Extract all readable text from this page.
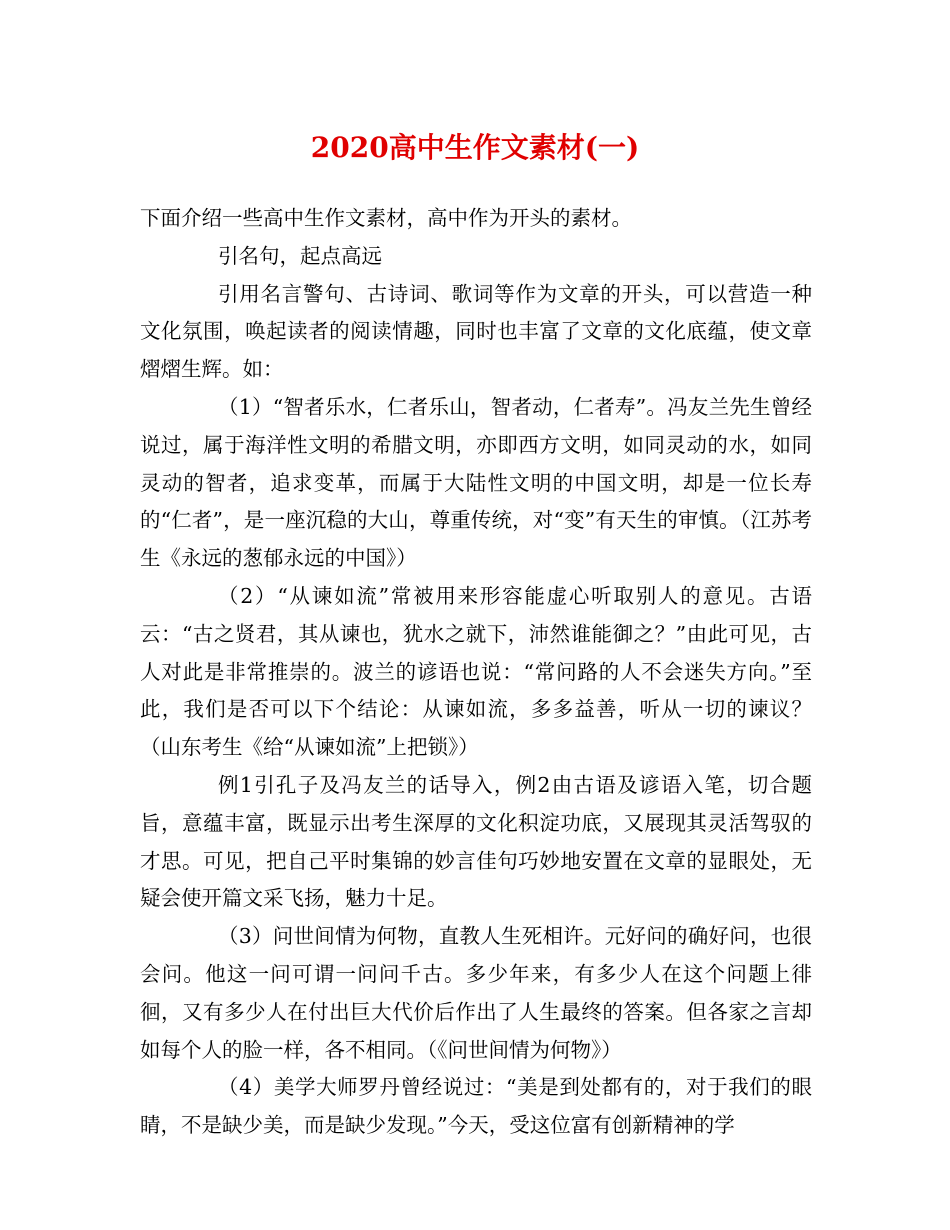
2020高中生作文素材(一)

下面介绍一些高中生作文素材，高中作为开头的素材。

引名句，起点高远

引用名言警句、古诗词、歌词等作为文章的开头，可以营造一种文化氛围，唤起读者的阅读情趣，同时也丰富了文章的文化底蕴，使文章熠熠生辉。如：

（1）“智者乐水，仁者乐山，智者动，仁者寿”。冯友兰先生曾经说过，属于海洋性文明的希腊文明，亦即西方文明，如同灵动的水，如同灵动的智者，追求变革，而属于大陆性文明的中国文明，却是一位长寿的“仁者”，是一座沉稳的大山，尊重传统，对“变”有天生的审慎。（江苏考生《永远的葱郁永远的中国》）

（2）“从谏如流”常被用来形容能虚心听取别人的意见。古语云：“古之贤君，其从谏也，犹水之就下，沛然谁能御之？”由此可见，古人对此是非常推崇的。波兰的谚语也说：“常问路的人不会迷失方向。”至此，我们是否可以下个结论：从谏如流，多多益善，听从一切的谏议？（山东考生《给“从谏如流”上把锁》）

例1引孔子及冯友兰的话导入，例2由古语及谚语入笔，切合题旨，意蕴丰富，既显示出考生深厚的文化积淀功底，又展现其灵活驾驭的才思。可见，把自己平时集锦的妙言佳句巧妙地安置在文章的显眼处，无疑会使开篇文采飞扬，魅力十足。

（3）问世间情为何物，直教人生死相许。元好问的确好问，也很会问。他这一问可谓一问问千古。多少年来，有多少人在这个问题上徘徊，又有多少人在付出巨大代价后作出了人生最终的答案。但各家之言却如每个人的脸一样，各不相同。（《问世间情为何物》）

（4）美学大师罗丹曾经说过：“美是到处都有的，对于我们的眼睛，不是缺少美，而是缺少发现。”今天，受这位富有创新精神的学
